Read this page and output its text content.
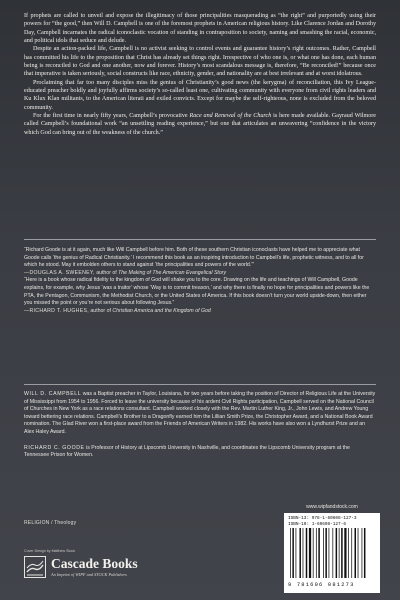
If prophets are called to unveil and expose the illegitimacy of those principalities masquerading as “the right” and purportedly using their powers for “the good,” then Will D. Campbell is one of the foremost prophets in American religious history. Like Clarence Jordan and Dorothy Day, Campbell incarnates the radical iconoclastic vocation of standing in contraposition to society, naming and smashing the racial, economic, and political idols that seduce and delude.

Despite an action-packed life, Campbell is no activist seeking to control events and guarantee history’s right outcomes. Rather, Campbell has committed his life to the proposition that Christ has already set things right. Irrespective of who one is, or what one has done, each human being is reconciled to God and one another, now and forever. History’s most scandalous message is, therefore, “Be reconciled!” because once that imperative is taken seriously, social constructs like race, ethnicity, gender, and nationality are at best irrelevant and at worst idolatrous.

Proclaiming that far too many disciples miss the genius of Christianity’s good news (the kerygma) of reconciliation, this Ivy League-educated preacher boldly and joyfully affirms society’s so-called least one, cultivating community with everyone from civil rights leaders and Ku Klux Klan militants, to the American literati and exiled convicts. Except for maybe the self-righteous, none is excluded from the beloved community.

For the first time in nearly fifty years, Campbell’s provocative Race and Renewal of the Church is here made available. Gayraud Wilmore called Campbell’s foundational work “an unsettling reading experience,” but one that articulates an unwavering “confidence in the victory which God can bring out of the weakness of the church.”

“Richard Goode is at it again, much like Will Campbell before him. Both of these southern Christian iconoclasts have helped me to appreciate what Goode calls ‘the genius of Radical Christianity.’ I recommend this book as an inspiring introduction to Campbell’s life, prophetic witness, and to all for which he stood. May it embolden others to stand against ‘the principalities and powers of the world.’”

—DOUGLAS A. SWEENEY, author of The Making of The American Evangelical Story

“Here is a book whose radical fidelity to the kingdom of God will shake you to the core. Drawing on the life and teachings of Will Campbell, Goode explains, for example, why Jesus ‘was a traitor’ whose ‘Way is to commit treason,’ and why there is finally no hope for principalities and powers like the PTA, the Pentagon, Communism, the Methodist Church, or the United States of America. If this book doesn’t turn your world upside-down, then either you missed the point or you’re not serious about following Jesus.”

—RICHARD T. HUGHES, author of Christian America and the Kingdom of God

WILL D. CAMPBELL was a Baptist preacher in Taylor, Louisiana, for two years before taking the position of Director of Religious Life at the University of Mississippi from 1954 to 1956. Forced to leave the university because of his ardent Civil Rights participation, Campbell served on the National Council of Churches in New York as a race relations consultant. Campbell worked closely with the Rev. Martin Luther King, Jr., John Lewis, and Andrew Young toward bettering race relations. Campbell’s Brother to a Dragonfly earned him the Lillian Smith Prize, the Christopher Award, and a National Book Award nomination. The Glad River won a first-place award from the Friends of American Writers in 1982. His works have also won a Lyndhurst Prize and an Alex Haley Award.

RICHARD C. GOODE is Professor of History at Lipscomb University in Nashville, and coordinates the Lipscomb University program at the Tennessee Prison for Women.

RELIGION / Theology
Cover Design by Matthew Stock
Cascade Books
An Imprint of WIPF and STOCK Publishers
www.wipfandstock.com
ISBN-13: 978-1-60608-127-3
ISBN-10: 1-60608-127-6
9 781606 081273
